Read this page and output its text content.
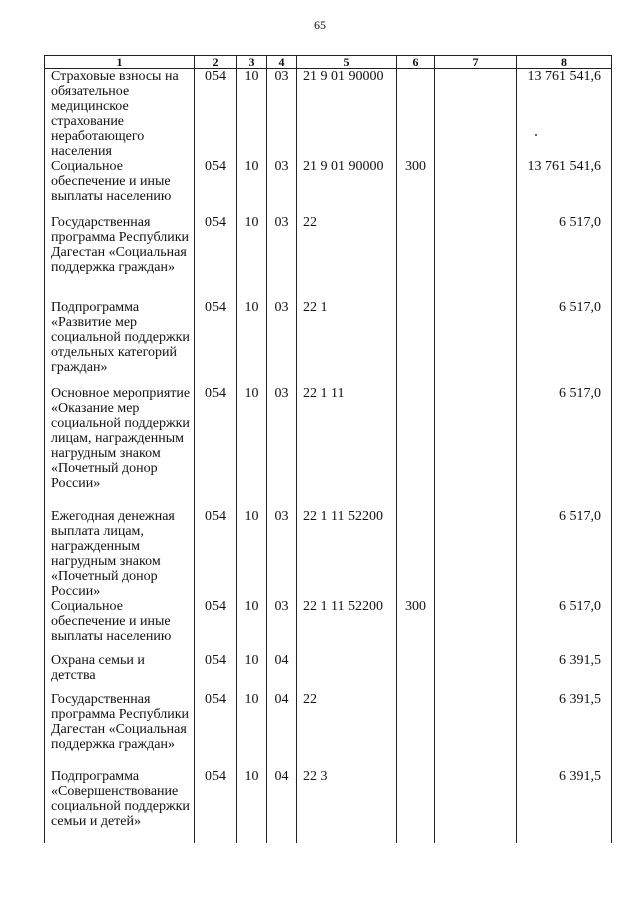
65
1	2	3	4	5	6	7	8
Страховые взносы на обязательное медицинское страхование неработающего населения	054	10	03	21 9 01 90000			13 761 541,6
Социальное обеспечение и иные выплаты населению	054	10	03	21 9 01 90000	300		13 761 541,6
Государственная программа Республики Дагестан «Социальная поддержка граждан»	054	10	03	22			6 517,0
Подпрограмма «Развитие мер социальной поддержки отдельных категорий граждан»	054	10	03	22 1			6 517,0
Основное мероприятие «Оказание мер социальной поддержки лицам, награжденным нагрудным знаком «Почетный донор России»	054	10	03	22 1 11			6 517,0
Ежегодная денежная выплата лицам, награжденным нагрудным знаком «Почетный донор России»	054	10	03	22 1 11 52200			6 517,0
Социальное обеспечение и иные выплаты населению	054	10	03	22 1 11 52200	300		6 517,0
Охрана семьи и детства	054	10	04				6 391,5
Государственная программа Республики Дагестан «Социальная поддержка граждан»	054	10	04	22			6 391,5
Подпрограмма «Совершенствование социальной поддержки семьи и детей»	054	10	04	22 3			6 391,5
